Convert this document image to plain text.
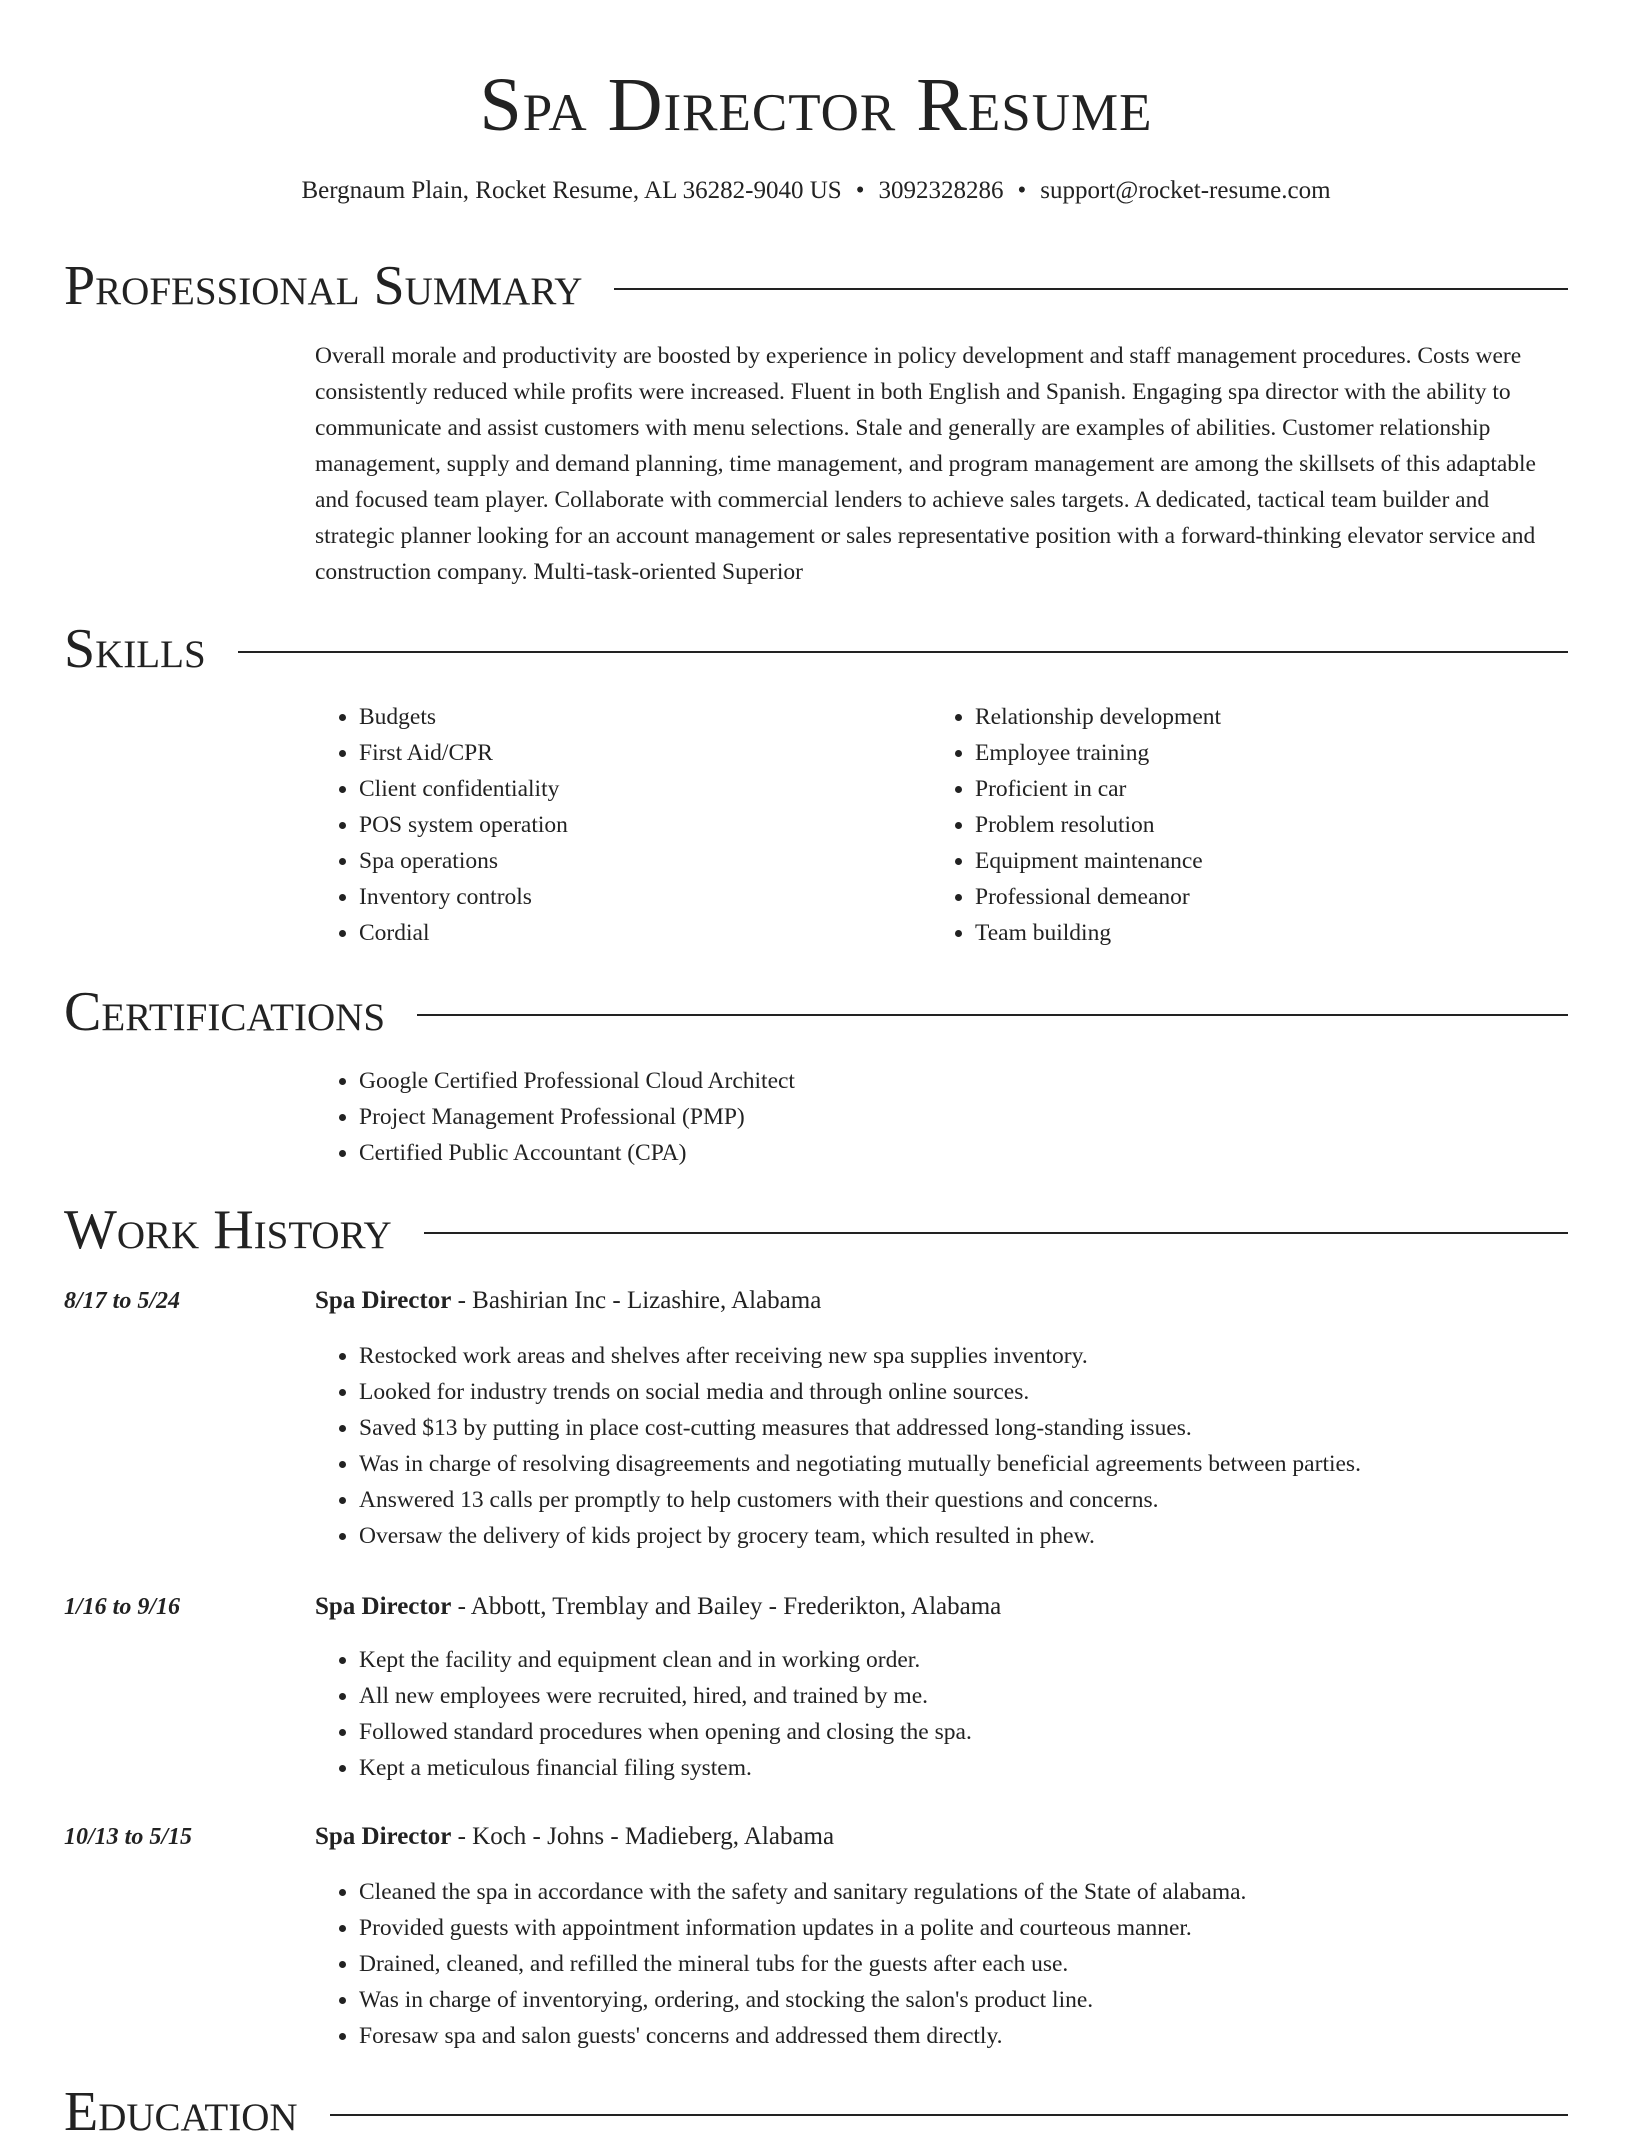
Spa Director Resume
Bergnaum Plain, Rocket Resume, AL 36282-9040 US • 3092328286 • support@rocket-resume.com
Professional Summary

Overall morale and productivity are boosted by experience in policy development and staff management procedures. Costs were consistently reduced while profits were increased. Fluent in both English and Spanish. Engaging spa director with the ability to communicate and assist customers with menu selections. Stale and generally are examples of abilities. Customer relationship management, supply and demand planning, time management, and program management are among the skillsets of this adaptable and focused team player. Collaborate with commercial lenders to achieve sales targets. A dedicated, tactical team builder and strategic planner looking for an account management or sales representative position with a forward-thinking elevator service and construction company. Multi-task-oriented Superior

Skills
• Budgets
• First Aid/CPR
• Client confidentiality
• POS system operation
• Spa operations
• Inventory controls
• Cordial
• Relationship development
• Employee training
• Proficient in car
• Problem resolution
• Equipment maintenance
• Professional demeanor
• Team building
Certifications
• Google Certified Professional Cloud Architect
• Project Management Professional (PMP)
• Certified Public Accountant (CPA)
Work History
8/17 to 5/24	Spa Director - Bashirian Inc - Lizashire, Alabama
• Restocked work areas and shelves after receiving new spa supplies inventory.
• Looked for industry trends on social media and through online sources.
• Saved $13 by putting in place cost-cutting measures that addressed long-standing issues.
• Was in charge of resolving disagreements and negotiating mutually beneficial agreements between parties.
• Answered 13 calls per promptly to help customers with their questions and concerns.
• Oversaw the delivery of kids project by grocery team, which resulted in phew.
1/16 to 9/16	Spa Director - Abbott, Tremblay and Bailey - Frederikton, Alabama
• Kept the facility and equipment clean and in working order.
• All new employees were recruited, hired, and trained by me.
• Followed standard procedures when opening and closing the spa.
• Kept a meticulous financial filing system.
10/13 to 5/15	Spa Director - Koch - Johns - Madieberg, Alabama
• Cleaned the spa in accordance with the safety and sanitary regulations of the State of alabama.
• Provided guests with appointment information updates in a polite and courteous manner.
• Drained, cleaned, and refilled the mineral tubs for the guests after each use.
• Was in charge of inventorying, ordering, and stocking the salon's product line.
• Foresaw spa and salon guests' concerns and addressed them directly.
Education
